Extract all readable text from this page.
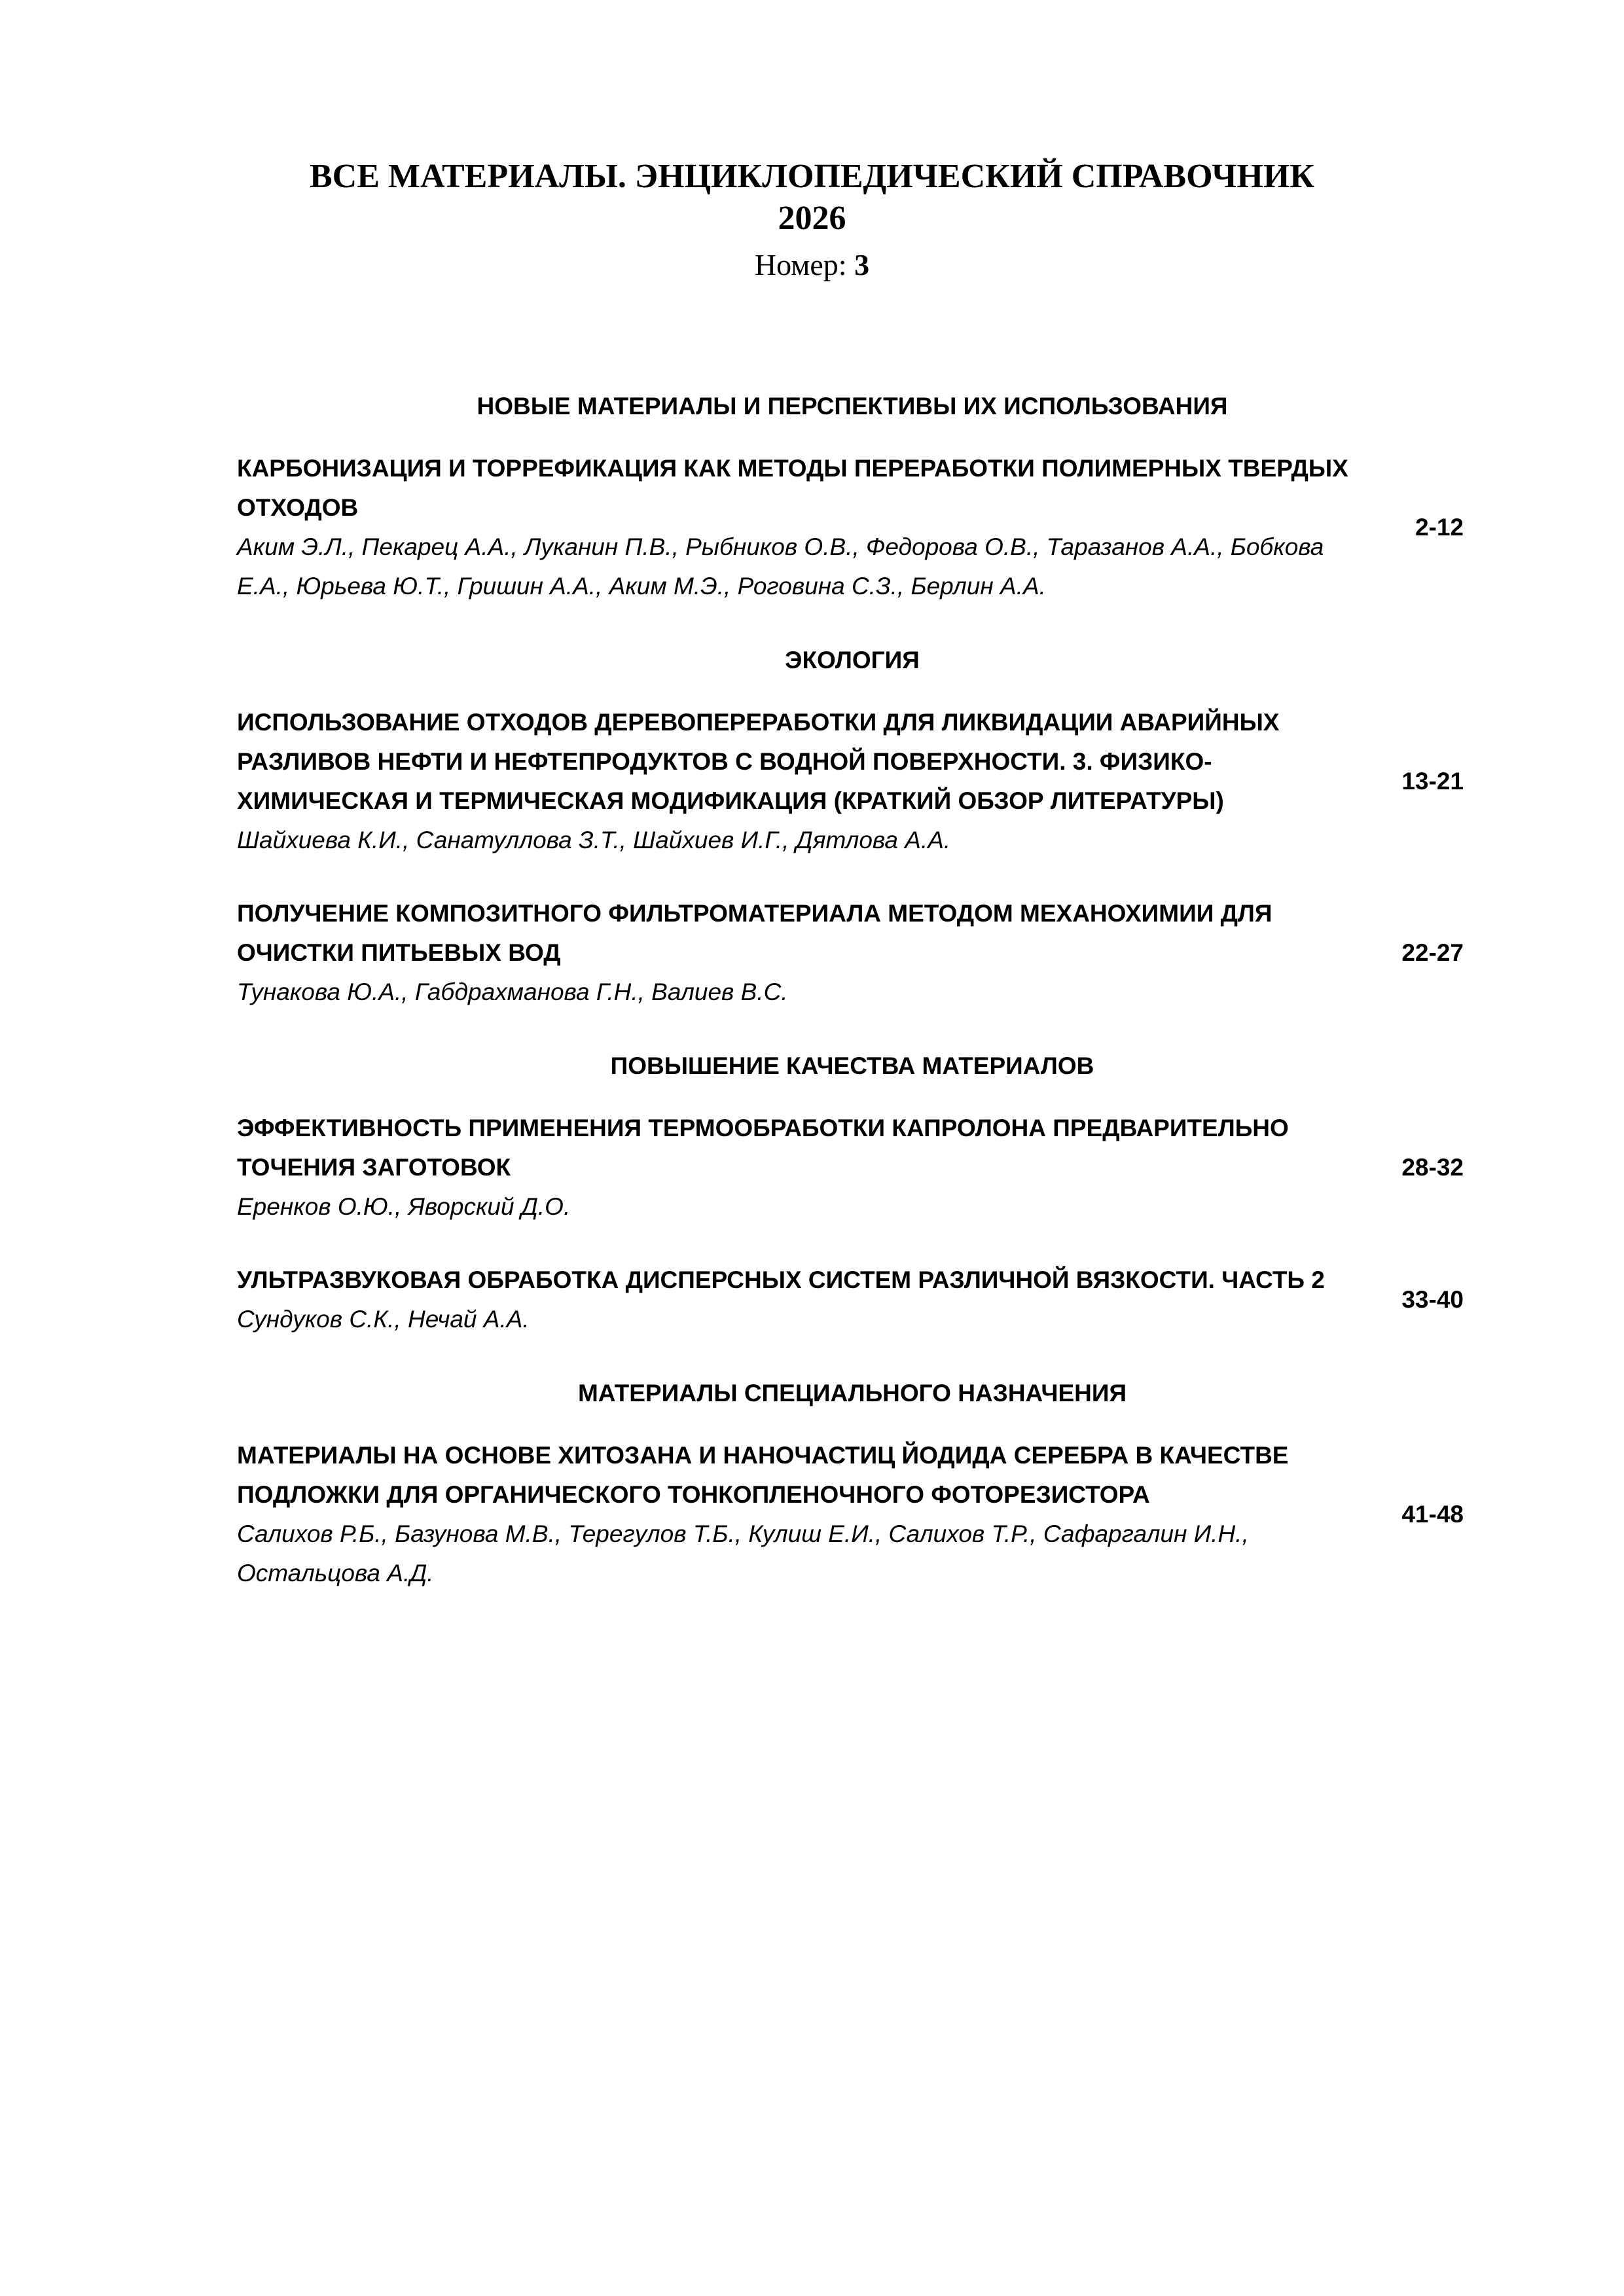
ВСЕ МАТЕРИАЛЫ. ЭНЦИКЛОПЕДИЧЕСКИЙ СПРАВОЧНИК

2026

Номер: 3

НОВЫЕ МАТЕРИАЛЫ И ПЕРСПЕКТИВЫ ИХ ИСПОЛЬЗОВАНИЯ

КАРБОНИЗАЦИЯ И ТОРРЕФИКАЦИЯ КАК МЕТОДЫ ПЕРЕРАБОТКИ ПОЛИМЕРНЫХ ТВЕРДЫХ ОТХОДОВ

Аким Э.Л., Пекарец А.А., Луканин П.В., Рыбников О.В., Федорова О.В., Таразанов А.А., Бобкова Е.А., Юрьева Ю.Т., Гришин А.А., Аким М.Э., Роговина С.З., Берлин А.А.

2-12

ЭКОЛОГИЯ

ИСПОЛЬЗОВАНИЕ ОТХОДОВ ДЕРЕВОПЕРЕРАБОТКИ ДЛЯ ЛИКВИДАЦИИ АВАРИЙНЫХ РАЗЛИВОВ НЕФТИ И НЕФТЕПРОДУКТОВ С ВОДНОЙ ПОВЕРХНОСТИ. 3. ФИЗИКО-ХИМИЧЕСКАЯ И ТЕРМИЧЕСКАЯ МОДИФИКАЦИЯ (КРАТКИЙ ОБЗОР ЛИТЕРАТУРЫ)

Шайхиева К.И., Санатуллова З.Т., Шайхиев И.Г., Дятлова А.А.

13-21

ПОЛУЧЕНИЕ КОМПОЗИТНОГО ФИЛЬТРОМАТЕРИАЛА МЕТОДОМ МЕХАНОХИМИИ ДЛЯ ОЧИСТКИ ПИТЬЕВЫХ ВОД

Тунакова Ю.А., Габдрахманова Г.Н., Валиев В.С.

22-27

ПОВЫШЕНИЕ КАЧЕСТВА МАТЕРИАЛОВ

ЭФФЕКТИВНОСТЬ ПРИМЕНЕНИЯ ТЕРМООБРАБОТКИ КАПРОЛОНА ПРЕДВАРИТЕЛЬНО ТОЧЕНИЯ ЗАГОТОВОК

Еренков О.Ю., Яворский Д.О.

28-32

УЛЬТРАЗВУКОВАЯ ОБРАБОТКА ДИСПЕРСНЫХ СИСТЕМ РАЗЛИЧНОЙ ВЯЗКОСТИ. ЧАСТЬ 2

Сундуков С.К., Нечай А.А.

33-40

МАТЕРИАЛЫ СПЕЦИАЛЬНОГО НАЗНАЧЕНИЯ

МАТЕРИАЛЫ НА ОСНОВЕ ХИТОЗАНА И НАНОЧАСТИЦ ЙОДИДА СЕРЕБРА В КАЧЕСТВЕ ПОДЛОЖКИ ДЛЯ ОРГАНИЧЕСКОГО ТОНКОПЛЕНОЧНОГО ФОТОРЕЗИСТОРА

Салихов Р.Б., Базунова М.В., Терегулов Т.Б., Кулиш Е.И., Салихов Т.Р., Сафаргалин И.Н., Остальцова А.Д.

41-48
